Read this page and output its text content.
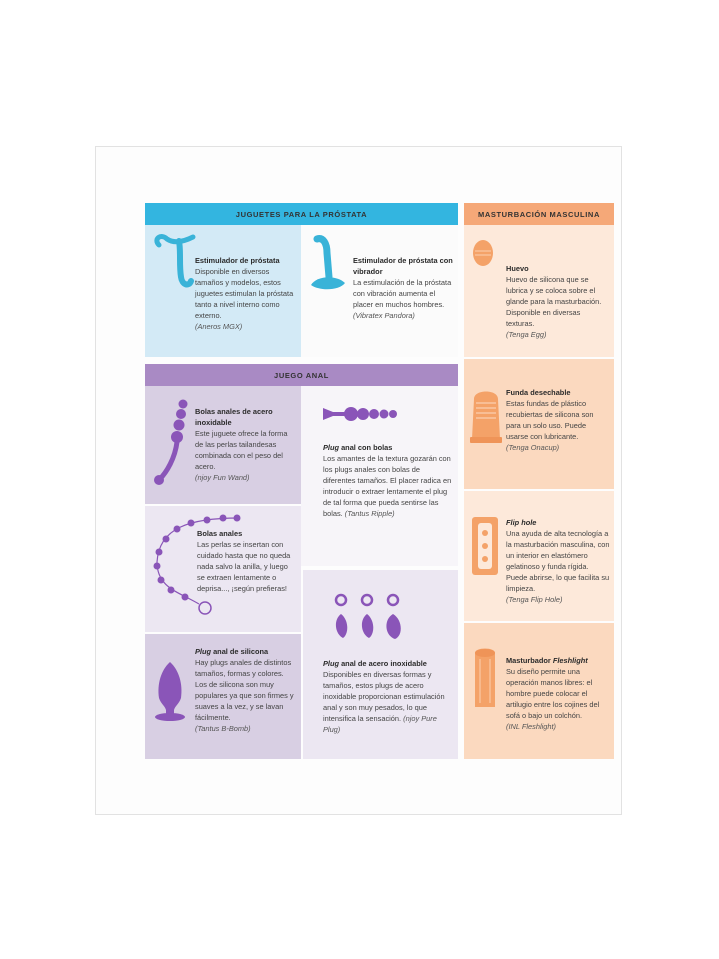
JUGUETES PARA LA PRÓSTATA	MASTURBACIÓN MASCULINA
JUEGO ANAL
Estimulador de próstata
Disponible en diversos tamaños y modelos, estos juguetes estimulan la próstata tanto a nivel interno como externo.
(Aneros MGX)
Estimulador de próstata con vibrador
La estimulación de la próstata con vibración aumenta el placer en muchos hombres.
(Vibratex Pandora)
Huevo
Huevo de silicona que se lubrica y se coloca sobre el glande para la masturbación. Disponible en diversas texturas.
(Tenga Egg)
Funda desechable
Estas fundas de plástico recubiertas de silicona son para un solo uso. Puede usarse con lubricante.
(Tenga Onacup)
Flip hole
Una ayuda de alta tecnología a la masturbación masculina, con un interior en elastómero gelatinoso y funda rígida. Puede abrirse, lo que facilita su limpieza.
(Tenga Flip Hole)
Masturbador Fleshlight
Su diseño permite una operación manos libres: el hombre puede colocar el artilugio entre los cojines del sofá o bajo un colchón.
(INL Fleshlight)
Bolas anales de acero inoxidable
Este juguete ofrece la forma de las perlas tailandesas combinada con el peso del acero.
(njoy Fun Wand)
Plug anal con bolas
Los amantes de la textura gozarán con los plugs anales con bolas de diferentes tamaños. El placer radica en introducir o extraer lentamente el plug de tal forma que pueda sentirse las bolas. (Tantus Ripple)
Bolas anales
Las perlas se insertan con cuidado hasta que no queda nada salvo la anilla, y luego se extraen lentamente o deprisa..., ¡según prefieras!
Plug anal de silicona
Hay plugs anales de distintos tamaños, formas y colores. Los de silicona son muy populares ya que son firmes y suaves a la vez, y se lavan fácilmente.
(Tantus B-Bomb)
Plug anal de acero inoxidable
Disponibles en diversas formas y tamaños, estos plugs de acero inoxidable proporcionan estimulación anal y son muy pesados, lo que intensifica la sensación. (njoy Pure Plug)
